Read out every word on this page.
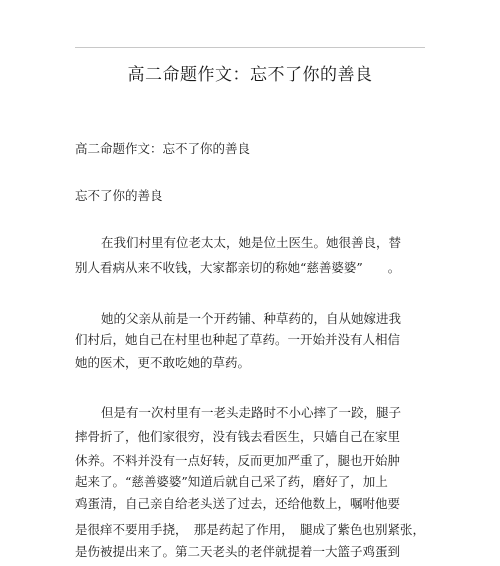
高二命题作文：忘不了你的善良
高二命题作文：忘不了你的善良
忘不了你的善良
在我们村里有位老太太，她是位土医生。她很善良，替
别人看病从来不收钱，大家都亲切的称她“慈善婆婆”　　。
她的父亲从前是一个开药铺、种草药的，自从她嫁进我
们村后，她自己在村里也种起了草药。一开始并没有人相信
她的医术，更不敢吃她的草药。
但是有一次村里有一老头走路时不小心摔了一跤，腿子
摔骨折了，他们家很穷，没有钱去看医生，只嫱自己在家里
休养。不料并没有一点好转，反而更加严重了，腿也开始肿
起来了。“慈善婆婆”知道后就自己采了药，磨好了，加上
鸡蛋清，自己亲自给老头送了过去，还给他数上，嘱咐他要
是很痒不要用手挠，　那是药起了作用，　腿成了紫色也别紧张，
是伤被提出来了。第二天老头的老伴就提着一大篮子鸡蛋到
